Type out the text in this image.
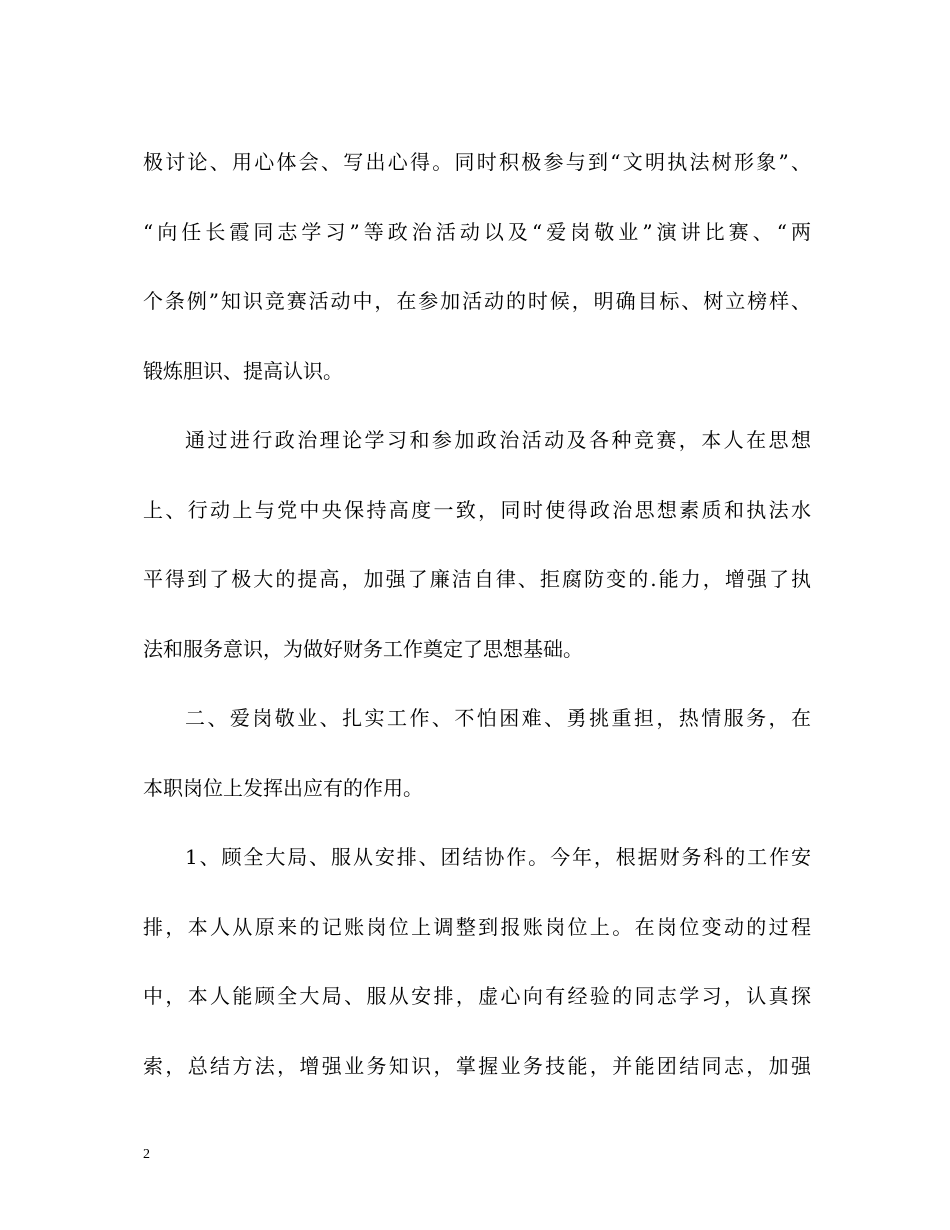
极讨论、用心体会、写出心得。同时积极参与到“文明执法树形象”、
“向任长霞同志学习”等政治活动以及“爱岗敬业”演讲比赛、“两
个条例”知识竞赛活动中，在参加活动的时候，明确目标、树立榜样、
锻炼胆识、提高认识。
通过进行政治理论学习和参加政治活动及各种竞赛，本人在思想
上、行动上与党中央保持高度一致，同时使得政治思想素质和执法水
平得到了极大的提高，加强了廉洁自律、拒腐防变的.能力，增强了执
法和服务意识，为做好财务工作奠定了思想基础。
二、爱岗敬业、扎实工作、不怕困难、勇挑重担，热情服务，在
本职岗位上发挥出应有的作用。
1、顾全大局、服从安排、团结协作。今年，根据财务科的工作安
排，本人从原来的记账岗位上调整到报账岗位上。在岗位变动的过程
中，本人能顾全大局、服从安排，虚心向有经验的同志学习，认真探
索，总结方法，增强业务知识，掌握业务技能，并能团结同志，加强
2
